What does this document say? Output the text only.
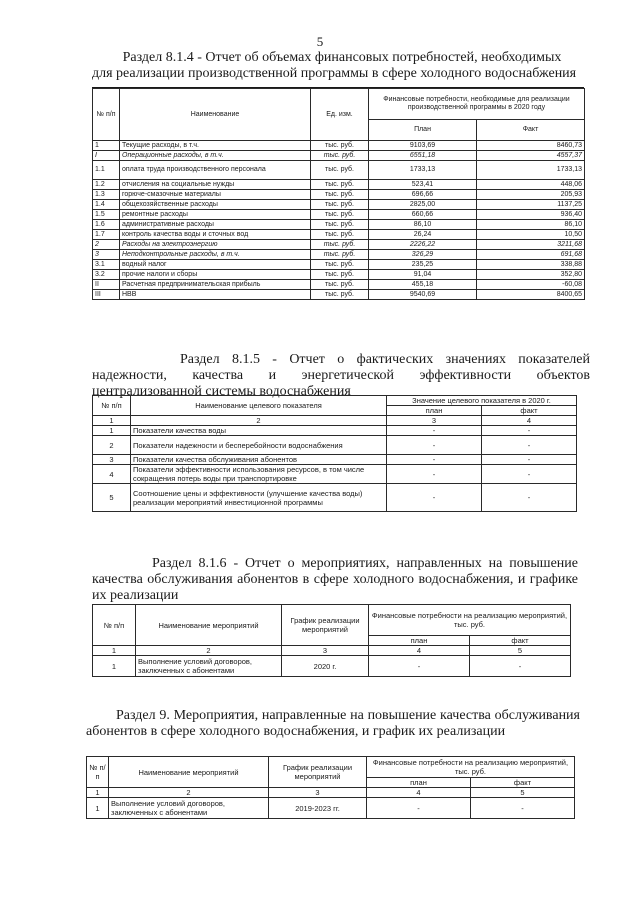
5

Раздел 8.1.4 - Отчет об объемах финансовых потребностей, необходимых

для реализации производственной программы в сфере холодного водоснабжения

№ п/п	Наименование	Ед. изм.	Финансовые потребности, необходимые для реализации производственной программы в 2020 году	
			План	Факт
1	Текущие расходы, в т.ч.	тыс. руб.	9103,69	8460,73
I	Операционные расходы, в т.ч.	тыс. руб.	6551,18	4557,37
1.1	оплата труда производственного персонала	тыс. руб.	1733,13	1733,13
1.2	отчисления на социальные нужды	тыс. руб.	523,41	448,06
1.3	горюче-смазочные материалы	тыс. руб.	696,66	205,93
1.4	общехозяйственные расходы	тыс. руб.	2825,00	1137,25
1.5	ремонтные расходы	тыс. руб.	660,66	936,40
1.6	административные расходы	тыс. руб.	86,10	86,10
1.7	контроль качества воды и сточных вод	тыс. руб.	26,24	10,50
2	Расходы на электроэнергию	тыс. руб.	2226,22	3211,68
3	Неподконтрольные расходы, в т.ч.	тыс. руб.	326,29	691,68
3.1	водный налог	тыс. руб.	235,25	338,88
3.2	прочие налоги и сборы	тыс. руб.	91,04	352,80
II	Расчетная предпринимательская прибыль	тыс. руб.	455,18	-60,08
III	НВВ	тыс. руб.	9540,69	8400,65
Раздел 8.1.5 - Отчет о фактических значениях показателей надежности, качества и энергетической эффективности объектов централизованной системы водоснабжения
№ п/п	Наименование целевого показателя	Значение целевого показателя в 2020 г.	
		план	факт
1	2	3	4
1	Показатели качества воды	-	-
2	Показатели надежности и бесперебойности водоснабжения	-	-
3	Показатели качества обслуживания абонентов	-	-
4	Показатели эффективности использования ресурсов, в том числе сокращения потерь воды при транспортировке	-	-
5	Соотношение цены и эффективности (улучшение качества воды) реализации мероприятий инвестиционной программы	-	-
Раздел 8.1.6 - Отчет о мероприятиях, направленных на повышение качества обслуживания абонентов в сфере холодного водоснабжения, и графике их реализации
№ п/п	Наименование мероприятий	График реализации мероприятий	Финансовые потребности на реализацию мероприятий, тыс. руб.	
			план	факт
1	2	3	4	5
1	Выполнение условий договоров, заключенных с абонентами	2020 г.	-	-
Раздел 9. Мероприятия, направленные на повышение качества обслуживания абонентов в сфере холодного водоснабжения, и график их реализации
№ п/п	Наименование мероприятий	График реализации мероприятий	Финансовые потребности на реализацию мероприятий, тыс. руб.	
			план	факт
1	2	3	4	5
1	Выполнение условий договоров, заключенных с абонентами	2019-2023 гг.	-	-
